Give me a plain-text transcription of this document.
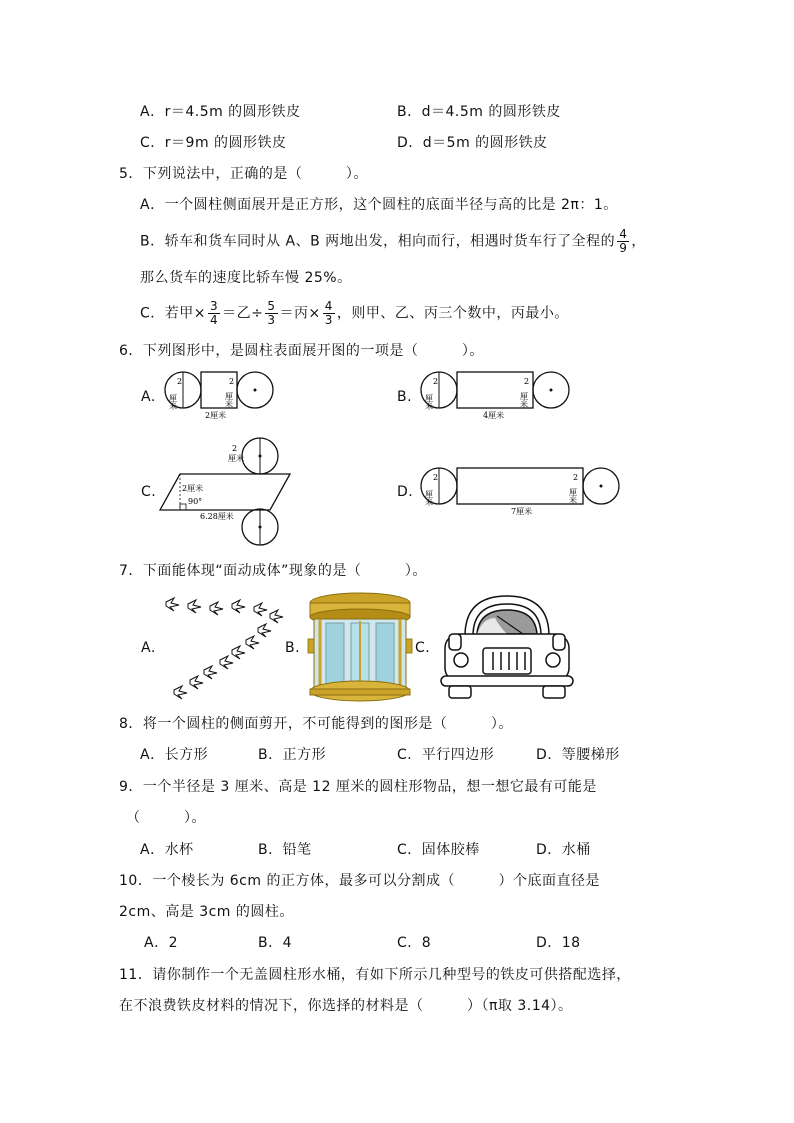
A．r＝4.5m 的圆形铁皮	B．d＝4.5m 的圆形铁皮
C．r＝9m 的圆形铁皮	D．d＝5m 的圆形铁皮
5．下列说法中，正确的是（　　　）。
A．一个圆柱侧面展开是正方形，这个圆柱的底面半径与高的比是 2π：1。
B．轿车和货车同时从 A、B 两地出发，相向而行，相遇时货车行了全程的 $\frac{4}{9}$ ，
那么货车的速度比轿车慢 25%。
C．若甲× $\frac{3}{4}$ ＝乙÷ $\frac{5}{3}$ ＝丙× $\frac{4}{3}$ ，则甲、乙、丙三个数中，丙最小。
6．下列图形中，是圆柱表面展开图的一项是（　　　）。
A.
2
厘米
2
厘米
2厘米
B.
2
厘米
2
厘米
4厘米
C.
2
厘米
2厘米
90°
6.28厘米
D.
2
厘米
2
厘米
7厘米
7．下面能体现“面动成体”现象的是（　　　）。
A.	B.	C.
8．将一个圆柱的侧面剪开，不可能得到的图形是（　　　）。
A．长方形	B．正方形	C．平行四边形	D．等腰梯形
9．一个半径是 3 厘米、高是 12 厘米的圆柱形物品，想一想它最有可能是
（　　　）。
A．水杯	B．铅笔	C．固体胶棒	D．水桶
10．一个棱长为 6cm 的正方体，最多可以分割成（　　　）个底面直径是
2cm、高是 3cm 的圆柱。
A．2	B．4	C．8	D．18
11．请你制作一个无盖圆柱形水桶，有如下所示几种型号的铁皮可供搭配选择，
在不浪费铁皮材料的情况下，你选择的材料是（　　　）（π取 3.14）。
